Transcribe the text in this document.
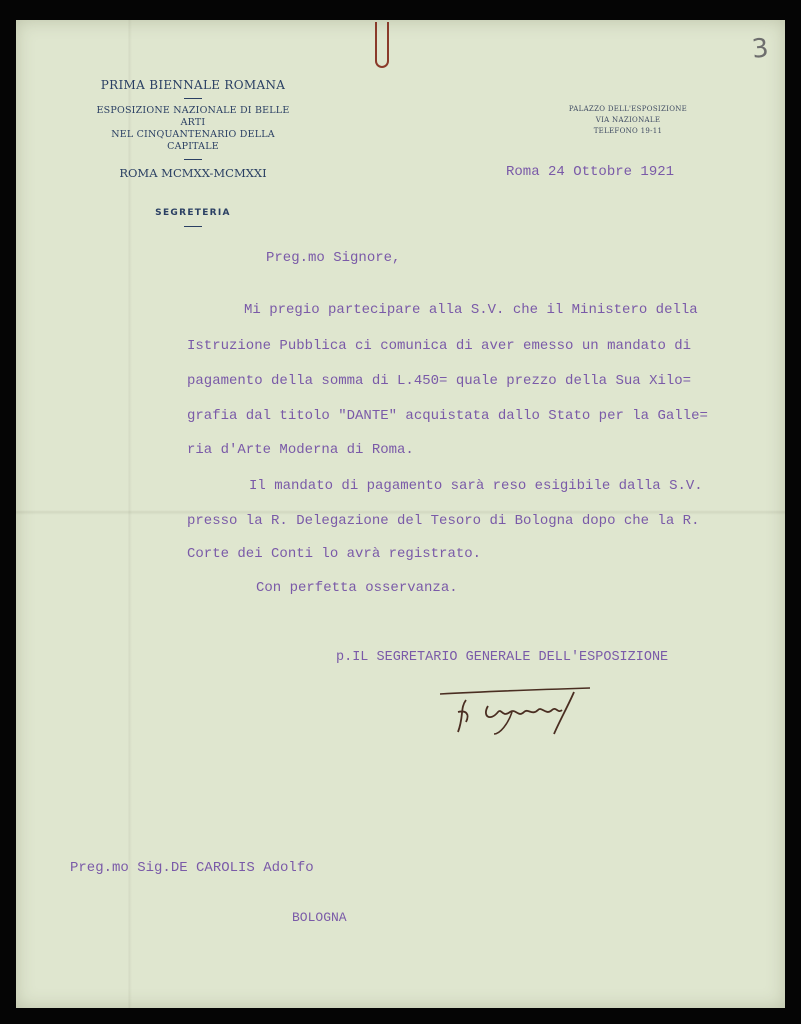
3
PRIMA BIENNALE ROMANA
ESPOSIZIONE NAZIONALE DI BELLE ARTI
NEL CINQUANTENARIO DELLA CAPITALE
ROMA MCMXX-MCMXXI
SEGRETERIA
PALAZZO DELL'ESPOSIZIONE
VIA NAZIONALE
TELEFONO 19-11
Roma 24 Ottobre 1921
Preg.mo Signore,
Mi pregio partecipare alla S.V. che il Ministero della
Istruzione Pubblica ci comunica di aver emesso un mandato di
pagamento della somma di L.450= quale prezzo della Sua Xilo=
grafia dal titolo "DANTE" acquistata dallo Stato per la Galle=
ria d'Arte Moderna di Roma.
Il mandato di pagamento sarà reso esigibile dalla S.V.
presso la R. Delegazione del Tesoro di Bologna dopo che la R.
Corte dei Conti lo avrà registrato.
Con perfetta osservanza.
p.IL SEGRETARIO GENERALE DELL'ESPOSIZIONE
Preg.mo Sig.DE CAROLIS Adolfo
BOLOGNA
